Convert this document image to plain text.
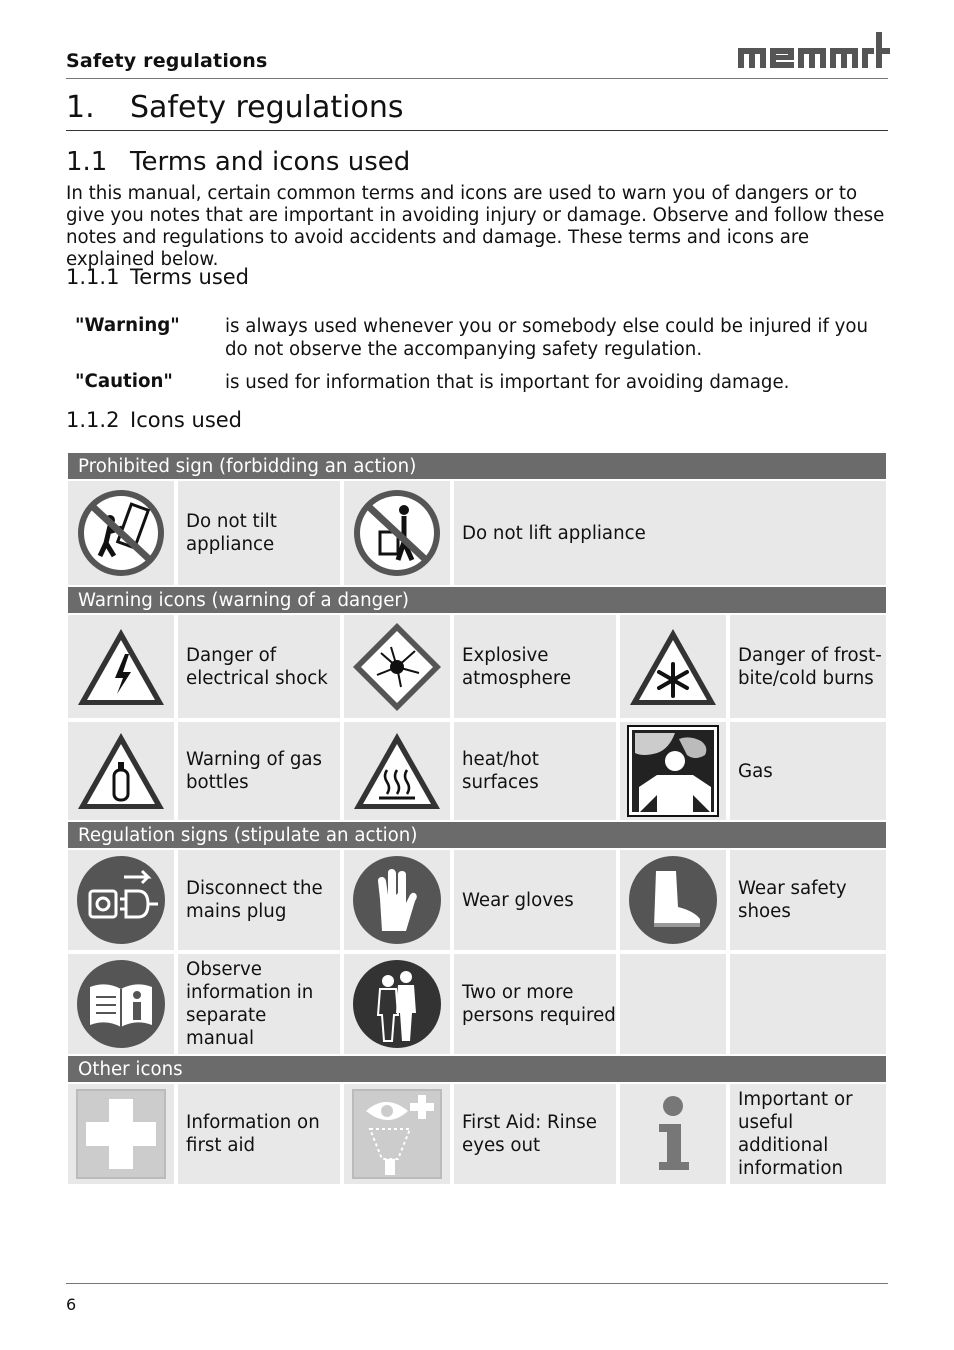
Safety regulations
1. Safety regulations
1.1 Terms and icons used
In this manual, certain common terms and icons are used to warn you of dangers or to give you notes that are important in avoiding injury or damage. Observe and follow these notes and regulations to avoid accidents and damage. These terms and icons are explained below.
1.1.1 Terms used
"Warning" is always used whenever you or somebody else could be injured if you do not observe the accompanying safety regulation.
"Caution"	is used for information that is important for avoiding damage.
1.1.2 Icons used
Prohibited sign (forbidding an action)
Do not tilt appliance
Do not lift appliance
Warning icons (warning of a danger)
Danger of electrical shock
Explosive atmosphere
Danger of frost-bite/cold burns
Warning of gas bottles
heat/hot surfaces
Gas
Regulation signs (stipulate an action)
Disconnect the mains plug
Wear gloves
Wear safety shoes
Observe information in separate manual
Two or more persons required
Other icons
Information on first aid
First Aid: Rinse eyes out
Important or useful additional information
6
